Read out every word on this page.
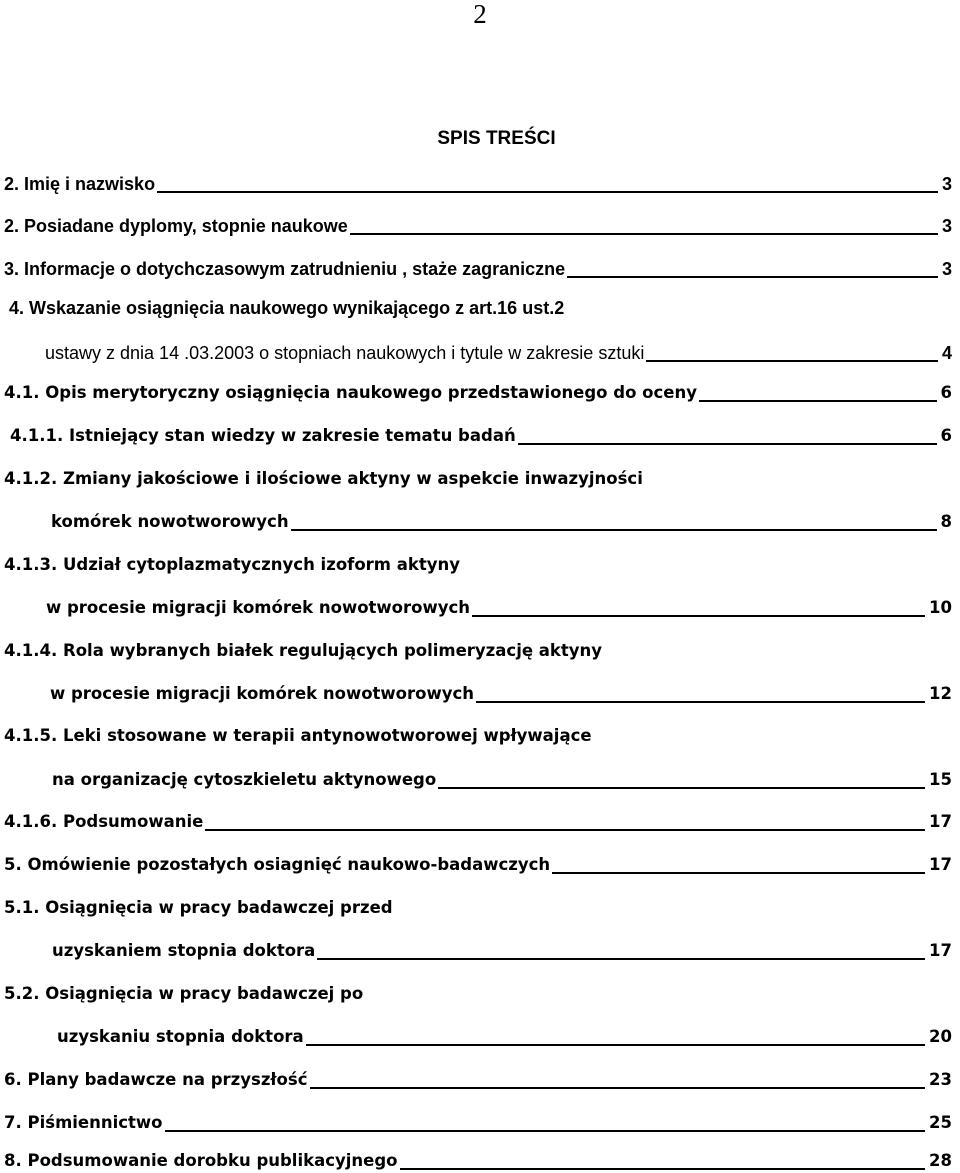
2
SPIS TREŚCI
2. Imię i nazwisko	3
2. Posiadane dyplomy, stopnie naukowe	3
3. Informacje o dotychczasowym zatrudnieniu , staże zagraniczne	3
4. Wskazanie osiągnięcia naukowego wynikającego z art.16 ust.2
ustawy z dnia 14 .03.2003 o stopniach naukowych i tytule w zakresie sztuki	4
4.1. Opis merytoryczny osiągnięcia naukowego przedstawionego do oceny	6
4.1.1. Istniejący stan wiedzy w zakresie tematu badań	6
4.1.2. Zmiany jakościowe i ilościowe aktyny w aspekcie inwazyjności
komórek nowotworowych	8
4.1.3. Udział cytoplazmatycznych izoform aktyny
w procesie migracji komórek nowotworowych	10
4.1.4. Rola wybranych białek regulujących polimeryzację aktyny
w procesie migracji komórek nowotworowych	12
4.1.5. Leki stosowane w terapii antynowotworowej wpływające
na organizację cytoszkieletu aktynowego	15
4.1.6. Podsumowanie	17
5. Omówienie pozostałych osiagnięć naukowo-badawczych	17
5.1. Osiągnięcia w pracy badawczej przed
uzyskaniem stopnia doktora	17
5.2. Osiągnięcia w pracy badawczej po
uzyskaniu stopnia doktora	20
6. Plany badawcze na przyszłość	23
7. Piśmiennictwo	25
8. Podsumowanie dorobku publikacyjnego	28
